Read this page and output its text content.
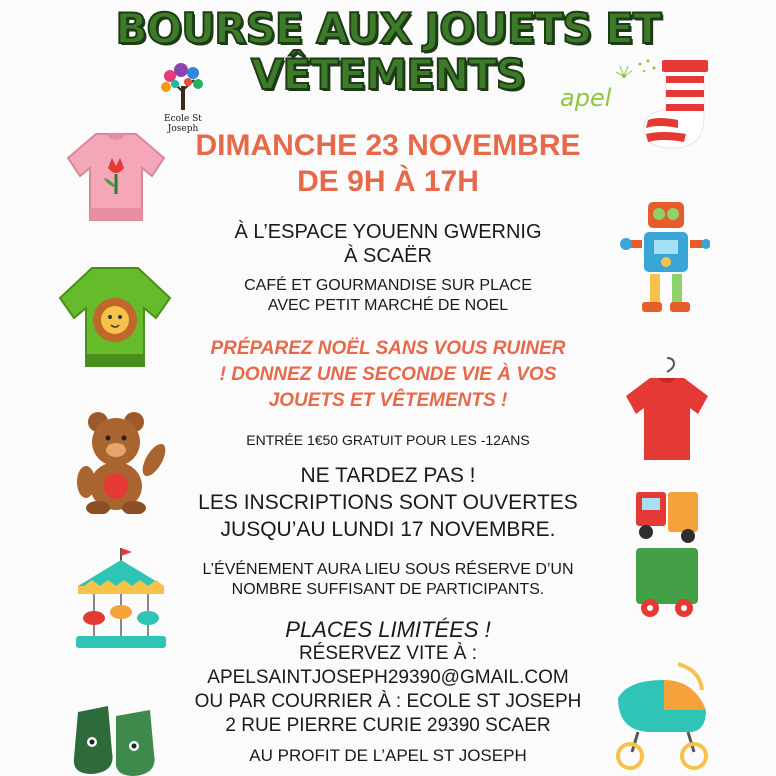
BOURSE AUX JOUETS ET
VÊTEMENTS
Ecole St Joseph
apel
DIMANCHE 23 NOVEMBRE
DE 9H À 17H
À L’ESPACE YOUENN GWERNIG
À SCAËR
CAFÉ ET GOURMANDISE SUR PLACE
AVEC PETIT MARCHÉ DE NOEL
PRÉPAREZ NOËL SANS VOUS RUINER
! DONNEZ UNE SECONDE VIE À VOS
JOUETS ET VÊTEMENTS !
ENTRÉE 1€50 GRATUIT POUR LES -12ANS
NE TARDEZ PAS !
LES INSCRIPTIONS SONT OUVERTES
JUSQU’AU LUNDI 17 NOVEMBRE.
L’ÉVÉNEMENT AURA LIEU SOUS RÉSERVE D’UN
NOMBRE SUFFISANT DE PARTICIPANTS.
PLACES LIMITÉES !
RÉSERVEZ VITE À :
APELSAINTJOSEPH29390@GMAIL.COM
OU PAR COURRIER À : ECOLE ST JOSEPH
2 RUE PIERRE CURIE 29390 SCAER
AU PROFIT DE L’APEL ST JOSEPH
